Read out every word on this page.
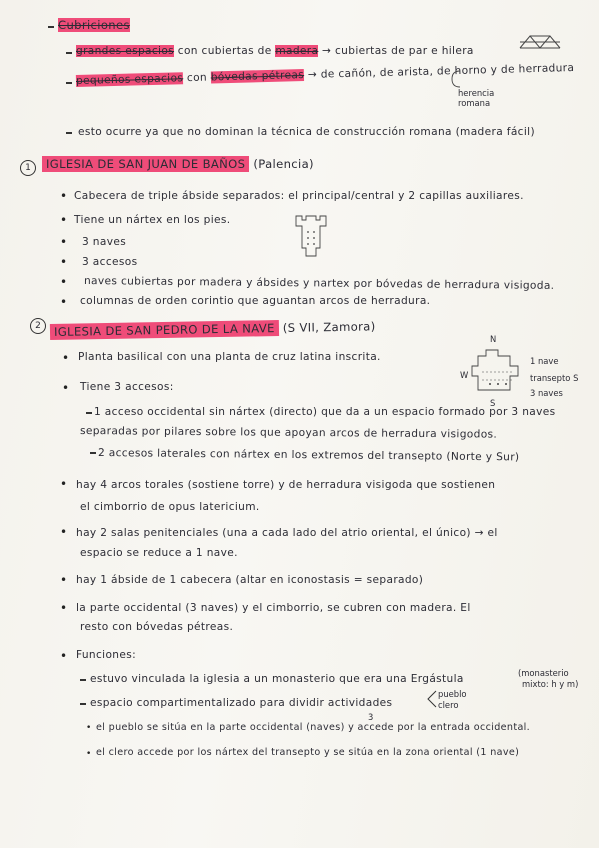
Cubriciones
grandes espacios con cubiertas de madera → cubiertas de par e hilera
pequeños espacios con bóvedas pétreas → de cañón, de arista, de horno y de herradura
herencia
romana
esto ocurre ya que no dominan la técnica de construcción romana (madera fácil)
1	IGLESIA DE SAN JUAN DE BAÑOS (Palencia)
• Cabecera de triple ábside separados: el principal/central y 2 capillas auxiliares.
• Tiene un nártex en los pies.
• 3 naves
• 3 accesos
• naves cubiertas por madera y ábsides y nartex por bóvedas de herradura visigoda.
• columnas de orden corintio que aguantan arcos de herradura.
2	IGLESIA DE SAN PEDRO DE LA NAVE (S VII, Zamora)
• Planta basilical con una planta de cruz latina inscrita.
N
W
S
1 nave
transepto S
3 naves
• Tiene 3 accesos:
1 acceso occidental sin nártex (directo) que da a un espacio formado por 3 naves
separadas por pilares sobre los que apoyan arcos de herradura visigodos.
2 accesos laterales con nártex en los extremos del transepto (Norte y Sur)
• hay 4 arcos torales (sostiene torre) y de herradura visigoda que sostienen
el cimborrio de opus latericium.
• hay 2 salas penitenciales (una a cada lado del atrio oriental, el único) → el
espacio se reduce a 1 nave.
• hay 1 ábside de 1 cabecera (altar en iconostasis = separado)
• la parte occidental (3 naves) y el cimborrio, se cubren con madera. El
resto con bóvedas pétreas.
• Funciones:
estuvo vinculada la iglesia a un monasterio que era una Ergástula	(monasterio
mixto: h y m)
espacio compartimentalizado para dividir actividades
pueblo
clero
3
• el pueblo se sitúa en la parte occidental (naves) y accede por la entrada occidental.
• el clero accede por los nártex del transepto y se sitúa en la zona oriental (1 nave)
